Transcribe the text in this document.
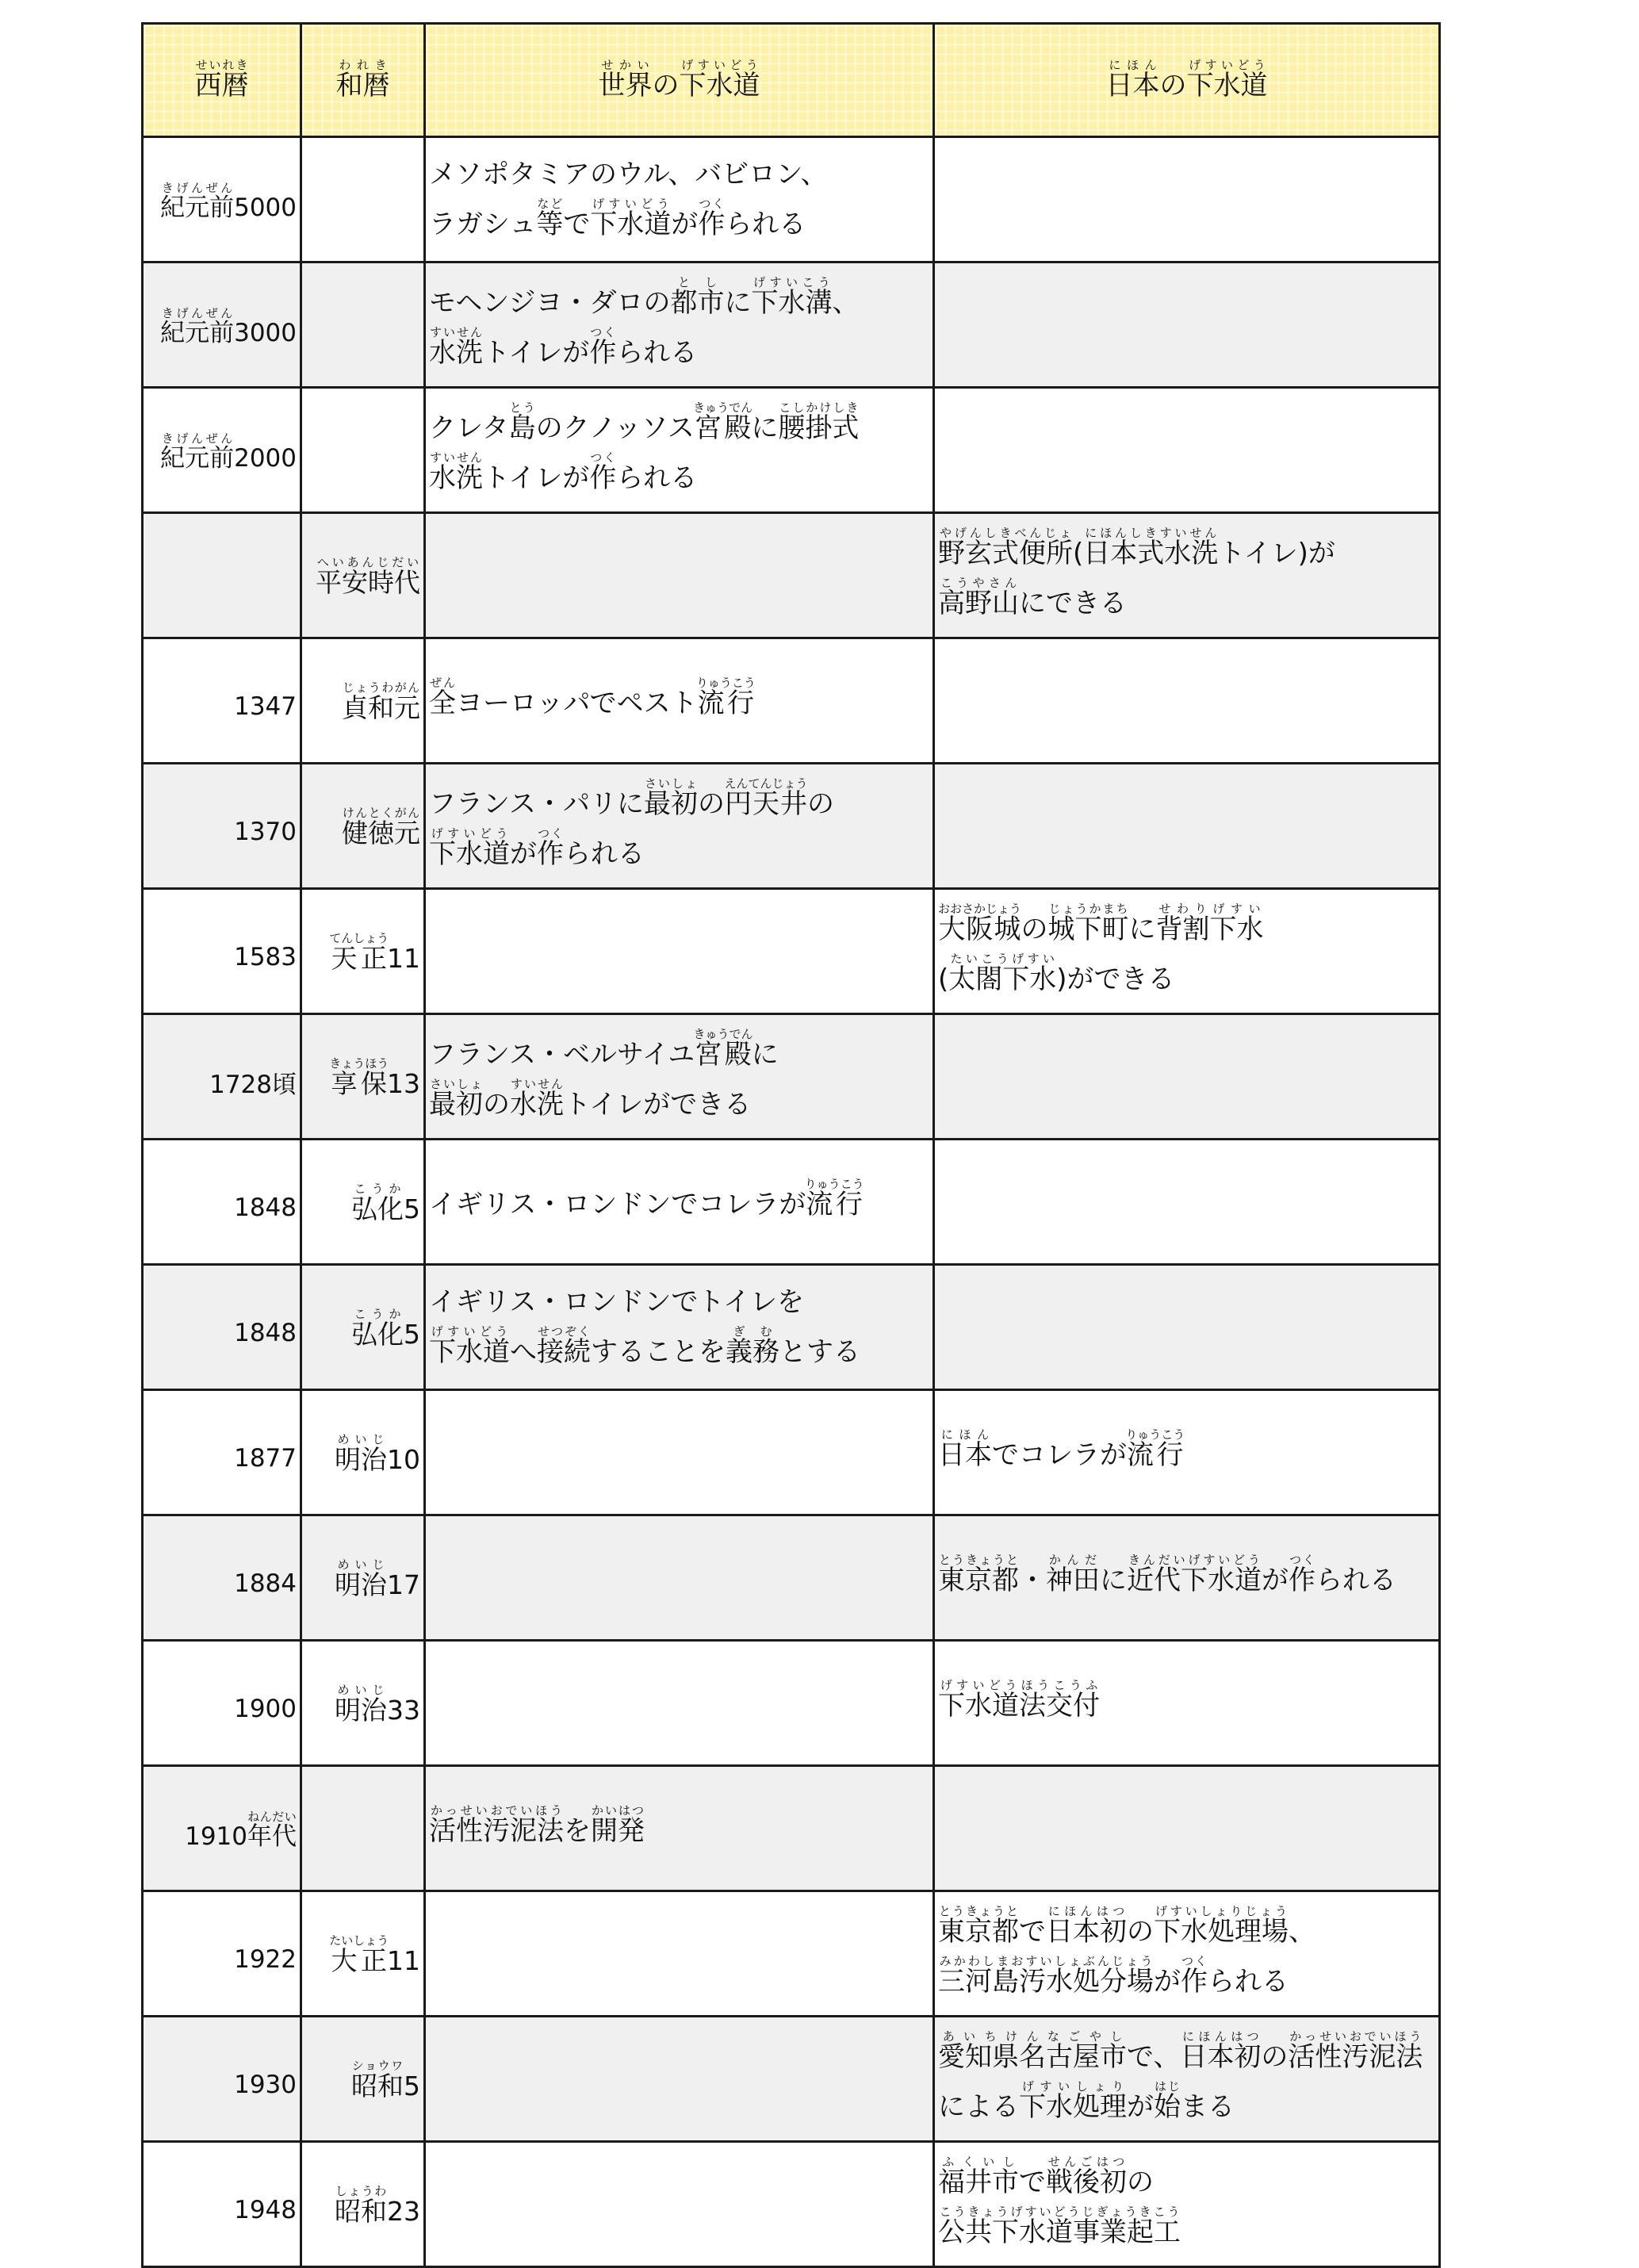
西暦せいれき	和暦われき	世界せかいの下水道げすいどう	日本にほんの下水道げすいどう
紀元前きげんぜん5000		メソポタミアのウル、バビロン、
ラガシュ等などで下水道げすいどうが作つくられる	

紀元前きげんぜん3000		モヘンジヨ・ダロの都市としに下水溝げすいこう、
水洗すいせんトイレが作つくられる	

紀元前きげんぜん2000		クレタ島とうのクノッソス宮殿きゅうでんに腰掛式こしかけしき
水洗すいせんトイレが作つくられる	

	平安時代へいあんじだい		野玄式便所やげんしきべんじょ(日本式水洗にほんしきすいせんトイレ)が
高野山こうやさんにできる

1347	貞和元じょうわがん	全ぜんヨーロッパでペスト流行りゅうこう	

1370	健徳元けんとくがん	フランス・パリに最初さいしょの円天井えんてんじょうの
下水道げすいどうが作つくられる	

1583	天正てんしょう11		大阪城おおさかじょうの城下町じょうかまちに背割下水せわりげすい
(太閤下水たいこうげすい)ができる

1728頃	享保きょうほう13	フランス・ベルサイユ宮殿きゅうでんに
最初さいしょの水洗すいせんトイレができる	

1848	弘化こうか5	イギリス・ロンドンでコレラが流行りゅうこう	

1848	弘化こうか5	イギリス・ロンドンでトイレを
下水道げすいどうへ接続せつぞくすることを義務ぎむとする	

1877	明治めいじ10		日本にほんでコレラが流行りゅうこう

1884	明治めいじ17		東京都とうきょうと・神田かんだに近代下水道きんだいげすいどうが作つくられる

1900	明治めいじ33		下水道法交付げすいどうほうこうふ

1910年代ねんだい		活性汚泥法かっせいおでいほうを開発かいはつ	

1922	大正たいしょう11		東京都とうきょうとで日本初にほんはつの下水処理場げすいしょりじょう、
三河島汚水処分場みかわしまおすいしょぶんじょうが作つくられる

1930	昭和ショウワ5		愛知県名古屋市あいちけんなごやしで、日本初にほんはつの活性汚泥法かっせいおでいほう
による下水処理げすいしょりが始はじまる

1948	昭和しょうわ23		福井市ふくいしで戦後初せんごはつの
公共下水道事業起工こうきょうげすいどうじぎょうきこう
